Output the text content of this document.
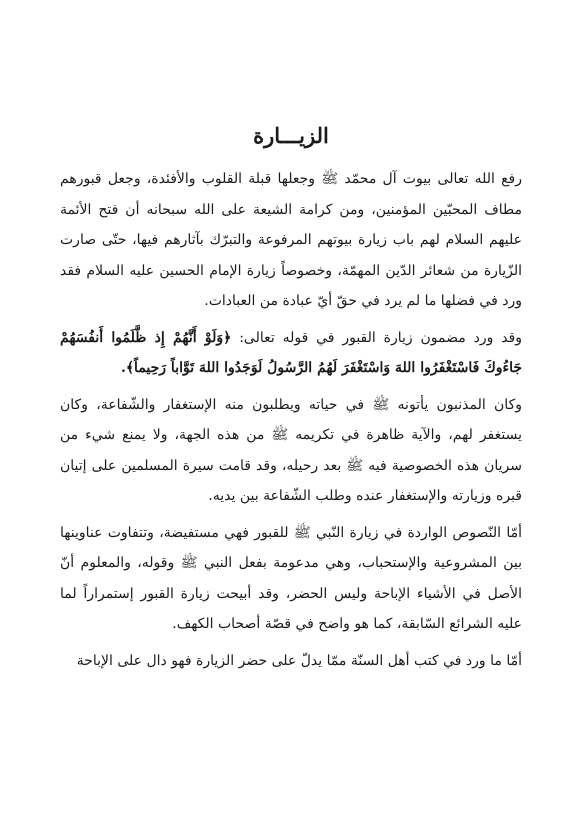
الزيـــارة

رفع الله تعالى بيوت آل محمّد ﷺ وجعلها قبلة القلوب والأفئدة، وجعل قبورهم مطاف المحبّين المؤمنين، ومن كرامة الشيعة على الله سبحانه أن فتح الأئمة عليهم السلام لهم باب زيارة بيوتهم المرفوعة والتبرّك بآثارهم فيها، حتّى صارت الزّيارة من شعائر الدّين المهمّة، وخصوصاً زيارة الإمام الحسين عليه السلام فقد ورد في فضلها ما لم يرد في حقّ أيّ عبادة من العبادات.

وقد ورد مضمون زيارة القبور في قوله تعالى: ﴿وَلَوْ أَنَّهُمْ إِذ ظَّلَمُوا أَنفُسَهُمْ جَاءُوكَ فَاسْتَغْفَرُوا اللهَ وَاسْتَغْفَرَ لَهُمُ الرَّسُولُ لَوَجَدُوا اللهَ تَوَّاباً رَحِيماً﴾.

وكان المذنبون يأتونه ﷺ في حياته ويطلبون منه الإستغفار والشّفاعة، وكان يستغفر لهم، والآية ظاهرة في تكريمه ﷺ من هذه الجهة، ولا يمنع شيء من سريان هذه الخصوصية فيه ﷺ بعد رحيله، وقد قامت سيرة المسلمين على إتيان قبره وزيارته والإستغفار عنده وطلب الشّفاعة بين يديه.

أمّا النّصوص الواردة في زيارة النّبي ﷺ للقبور فهي مستفيضة، وتتفاوت عناوينها بين المشروعية والإستحباب، وهي مدعومة بفعل النبي ﷺ وقوله، والمعلوم أنّ الأصل في الأشياء الإباحة وليس الحضر، وقد أبيحت زيارة القبور إستمراراً لما عليه الشرائع السّابقة، كما هو واضح في قصّة أصحاب الكهف.

أمّا ما ورد في كتب أهل السنّة ممّا يدلّ على حضر الزيارة فهو دال على الإباحة
